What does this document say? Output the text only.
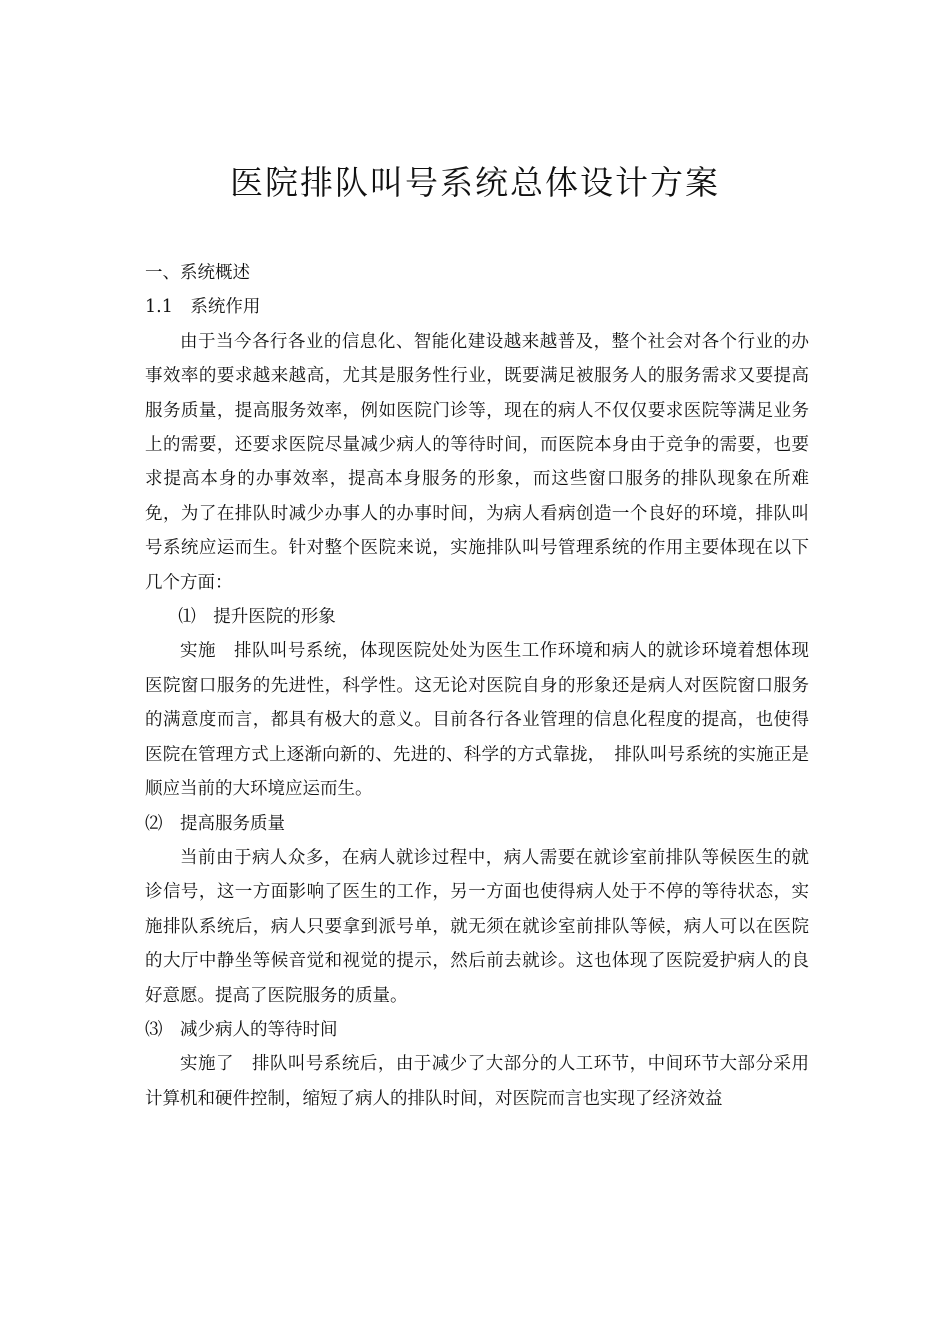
医院排队叫号系统总体设计方案

一、系统概述

1.1　系统作用

由于当今各行各业的信息化、智能化建设越来越普及，整个社会对各个行业的办事效率的要求越来越高，尤其是服务性行业，既要满足被服务人的服务需求又要提高服务质量，提高服务效率，例如医院门诊等，现在的病人不仅仅要求医院等满足业务上的需要，还要求医院尽量减少病人的等待时间，而医院本身由于竞争的需要，也要求提高本身的办事效率，提高本身服务的形象，而这些窗口服务的排队现象在所难免，为了在排队时减少办事人的办事时间，为病人看病创造一个良好的环境，排队叫号系统应运而生。针对整个医院来说，实施排队叫号管理系统的作用主要体现在以下几个方面：

⑴　提升医院的形象

实施　排队叫号系统，体现医院处处为医生工作环境和病人的就诊环境着想体现医院窗口服务的先进性，科学性。这无论对医院自身的形象还是病人对医院窗口服务的满意度而言，都具有极大的意义。目前各行各业管理的信息化程度的提高，也使得医院在管理方式上逐渐向新的、先进的、科学的方式靠拢，　排队叫号系统的实施正是顺应当前的大环境应运而生。

⑵　提高服务质量

当前由于病人众多，在病人就诊过程中，病人需要在就诊室前排队等候医生的就诊信号，这一方面影响了医生的工作，另一方面也使得病人处于不停的等待状态，实施排队系统后，病人只要拿到派号单，就无须在就诊室前排队等候，病人可以在医院的大厅中静坐等候音觉和视觉的提示，然后前去就诊。这也体现了医院爱护病人的良好意愿。提高了医院服务的质量。

⑶　减少病人的等待时间

实施了　排队叫号系统后，由于减少了大部分的人工环节，中间环节大部分采用计算机和硬件控制，缩短了病人的排队时间，对医院而言也实现了经济效益
